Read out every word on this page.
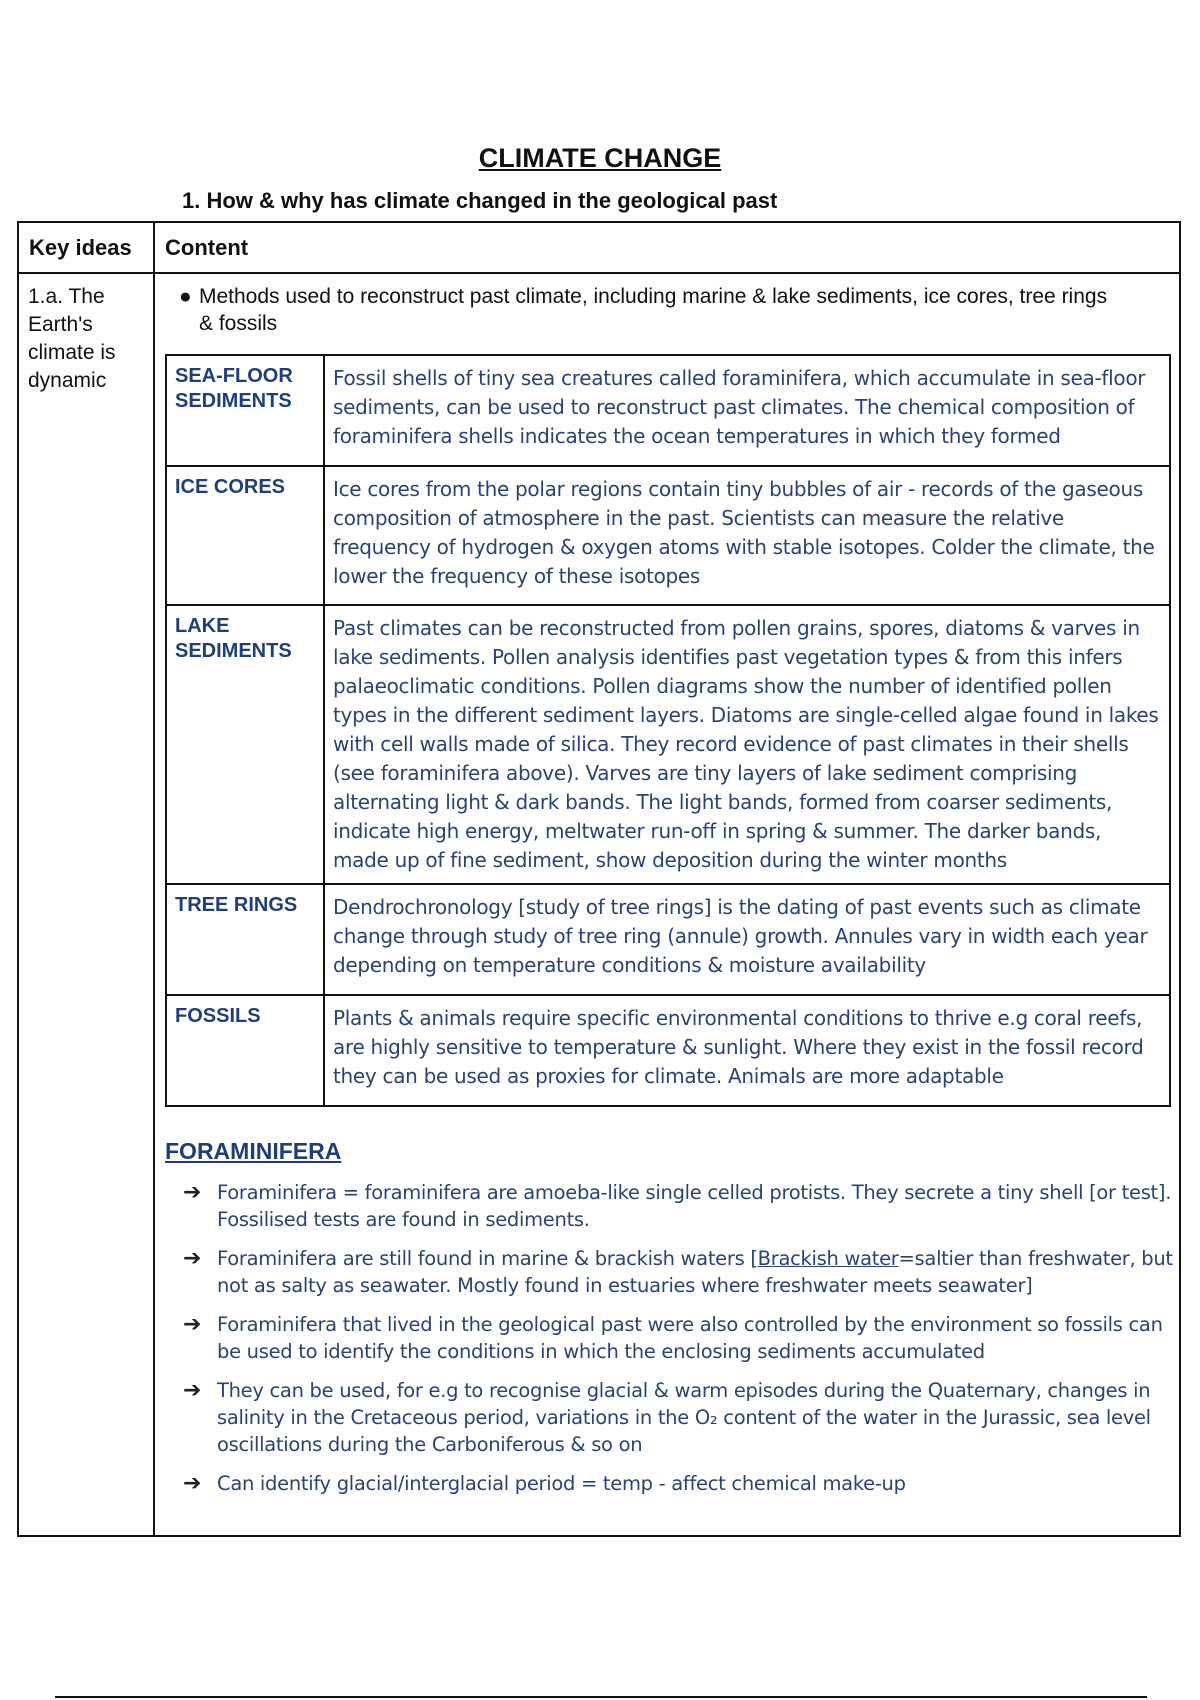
CLIMATE CHANGE
1. How & why has climate changed in the geological past
Key ideas Content
1.a. The Earth's climate is dynamic
● Methods used to reconstruct past climate, including marine & lake sediments, ice cores, tree rings & fossils
SEA-FLOOR SEDIMENTS	Fossil shells of tiny sea creatures called foraminifera, which accumulate in sea-floor sediments, can be used to reconstruct past climates. The chemical composition of foraminifera shells indicates the ocean temperatures in which they formed
ICE CORES	Ice cores from the polar regions contain tiny bubbles of air - records of the gaseous composition of atmosphere in the past. Scientists can measure the relative frequency of hydrogen & oxygen atoms with stable isotopes. Colder the climate, the lower the frequency of these isotopes
LAKE SEDIMENTS	Past climates can be reconstructed from pollen grains, spores, diatoms & varves in lake sediments. Pollen analysis identifies past vegetation types & from this infers palaeoclimatic conditions. Pollen diagrams show the number of identified pollen types in the different sediment layers. Diatoms are single-celled algae found in lakes with cell walls made of silica. They record evidence of past climates in their shells (see foraminifera above). Varves are tiny layers of lake sediment comprising alternating light & dark bands. The light bands, formed from coarser sediments, indicate high energy, meltwater run-off in spring & summer. The darker bands, made up of fine sediment, show deposition during the winter months
TREE RINGS	Dendrochronology [study of tree rings] is the dating of past events such as climate change through study of tree ring (annule) growth. Annules vary in width each year depending on temperature conditions & moisture availability
FOSSILS	Plants & animals require specific environmental conditions to thrive e.g coral reefs, are highly sensitive to temperature & sunlight. Where they exist in the fossil record they can be used as proxies for climate. Animals are more adaptable
FORAMINIFERA
➔ Foraminifera = foraminifera are amoeba-like single celled protists. They secrete a tiny shell [or test]. Fossilised tests are found in sediments.
➔ Foraminifera are still found in marine & brackish waters [Brackish water=saltier than freshwater, but not as salty as seawater. Mostly found in estuaries where freshwater meets seawater]
➔ Foraminifera that lived in the geological past were also controlled by the environment so fossils can be used to identify the conditions in which the enclosing sediments accumulated
➔ They can be used, for e.g to recognise glacial & warm episodes during the Quaternary, changes in salinity in the Cretaceous period, variations in the O₂ content of the water in the Jurassic, sea level oscillations during the Carboniferous & so on
➔ Can identify glacial/interglacial period = temp - affect chemical make-up
